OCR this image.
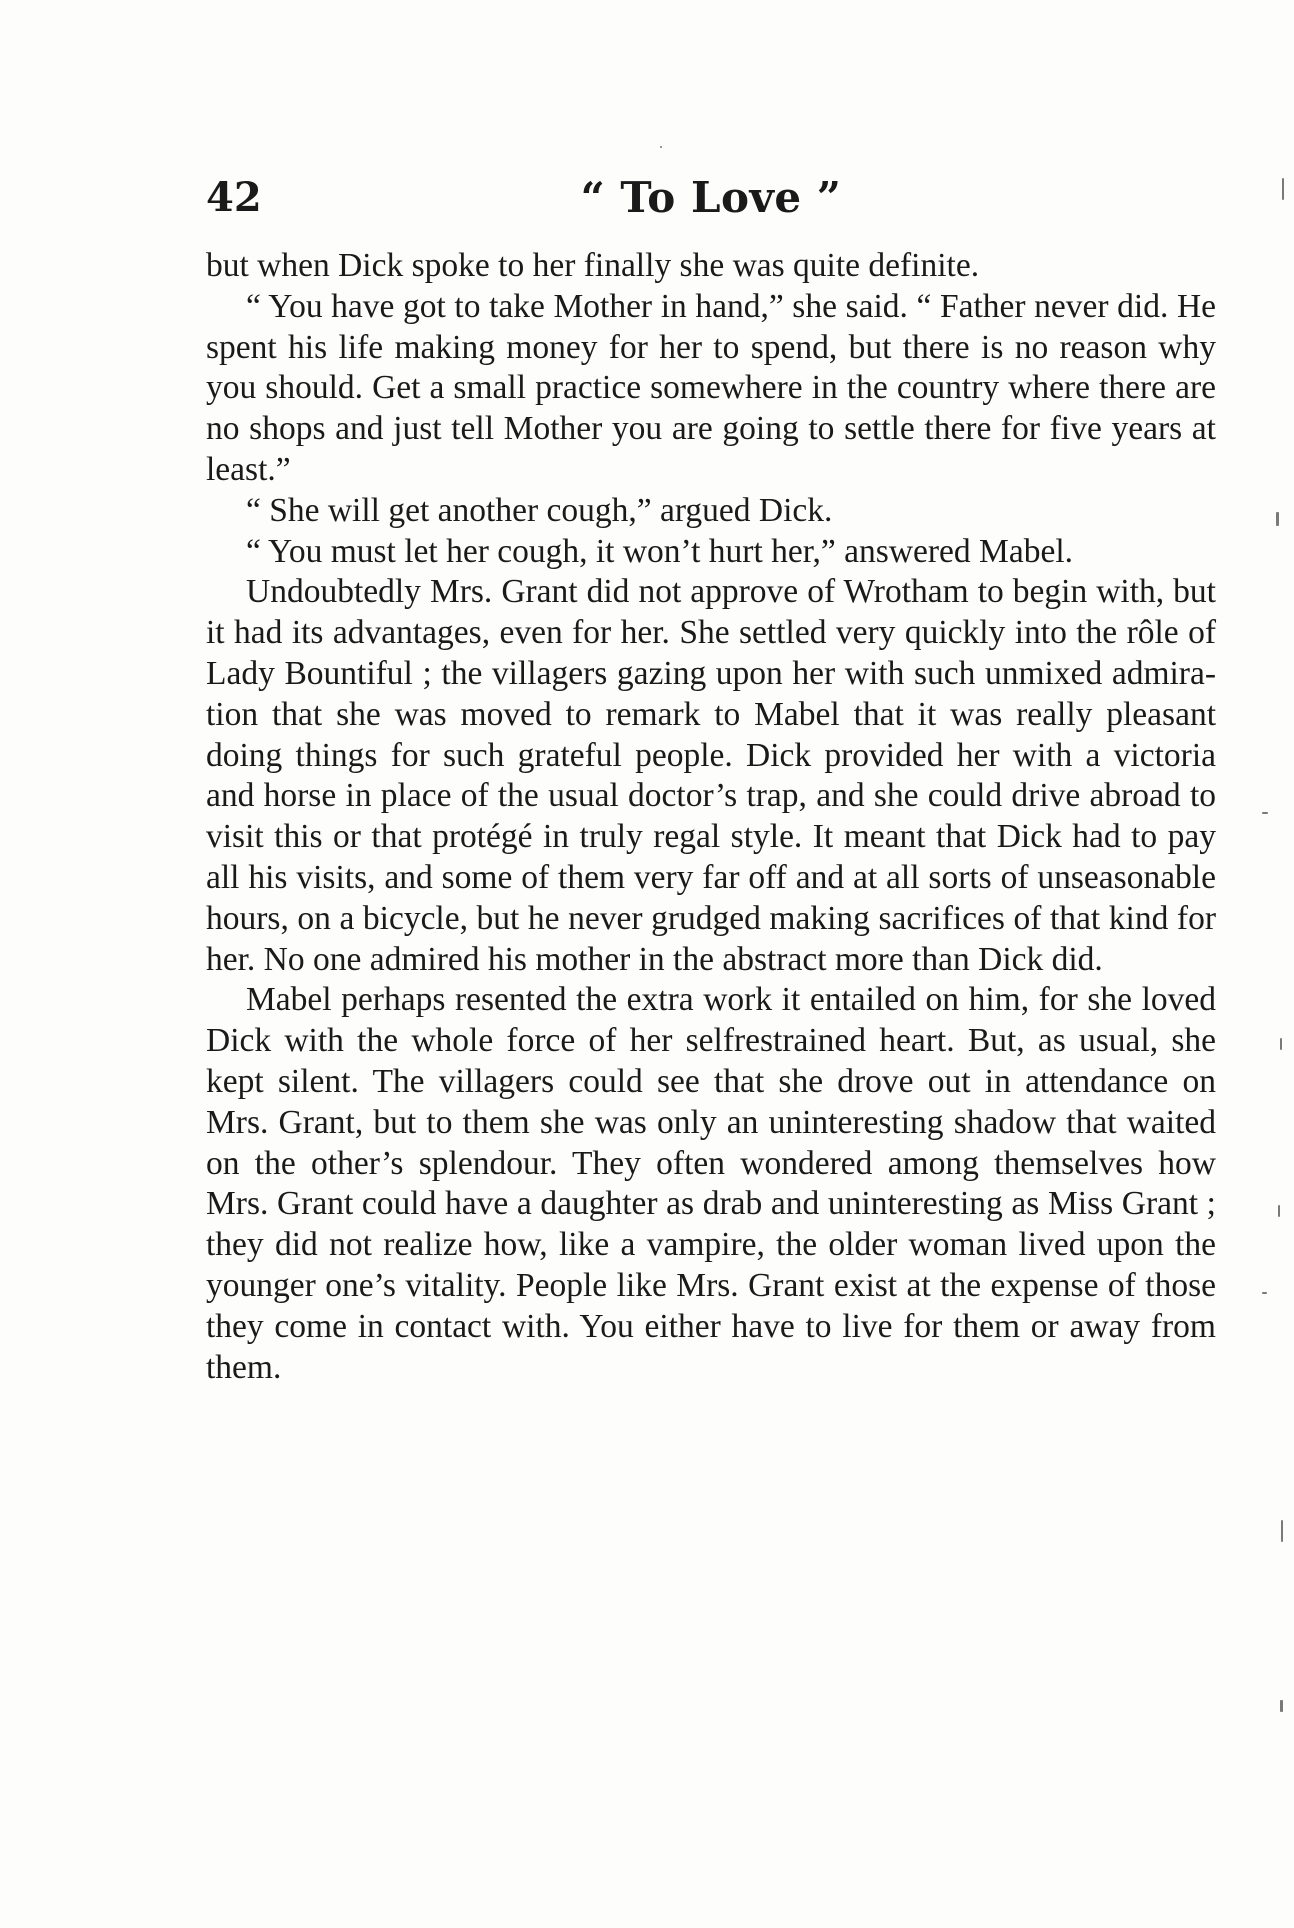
42	“ To Love ”

but when Dick spoke to her finally she was quite definite.

“ You have got to take Mother in hand,” she said. “ Father never did. He spent his life making money for her to spend, but there is no reason why you should. Get a small practice somewhere in the country where there are no shops and just tell Mother you are going to settle there for five years at least.”

“ She will get another cough,” argued Dick.

“ You must let her cough, it won’t hurt her,” answered Mabel.

Undoubtedly Mrs. Grant did not approve of Wrotham to begin with, but it had its advantages, even for her. She settled very quickly into the rôle of Lady Bountiful ; the villagers gazing upon her with such unmixed admiration that she was moved to remark to Mabel that it was really pleasant doing things for such grateful people. Dick provided her with a victoria and horse in place of the usual doctor’s trap, and she could drive abroad to visit this or that protégé in truly regal style. It meant that Dick had to pay all his visits, and some of them very far off and at all sorts of unseasonable hours, on a bicycle, but he never grudged making sacrifices of that kind for her. No one admired his mother in the abstract more than Dick did.

Mabel perhaps resented the extra work it entailed on him, for she loved Dick with the whole force of her selfrestrained heart. But, as usual, she kept silent. The villagers could see that she drove out in attendance on Mrs. Grant, but to them she was only an uninteresting shadow that waited on the other’s splendour. They often wondered among themselves how Mrs. Grant could have a daughter as drab and uninteresting as Miss Grant ; they did not realize how, like a vampire, the older woman lived upon the younger one’s vitality. People like Mrs. Grant exist at the expense of those they come in contact with. You either have to live for them or away from them.
